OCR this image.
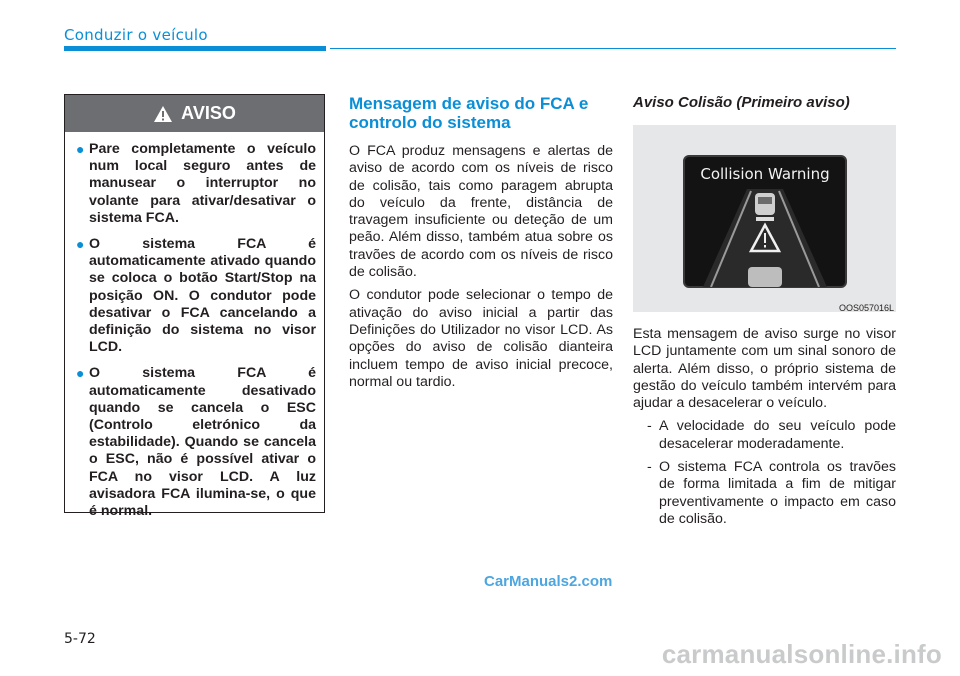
Conduzir o veículo
AVISO
● Pare completamente o veículo num local seguro antes de manusear o interruptor no volante para ativar/desativar o sistema FCA.
● O sistema FCA é automaticamente ativado quando se coloca o botão Start/Stop na posição ON. O condutor pode desativar o FCA cancelando a definição do sistema no visor LCD.
● O sistema FCA é automaticamente desativado quando se cancela o ESC (Controlo eletrónico da estabilidade). Quando se cancela o ESC, não é possível ativar o FCA no visor LCD. A luz avisadora FCA ilumina-se, o que é normal.
Mensagem de aviso do FCA e controlo do sistema

O FCA produz mensagens e alertas de aviso de acordo com os níveis de risco de colisão, tais como paragem abrupta do veículo da frente, distância de travagem insuficiente ou deteção de um peão. Além disso, também atua sobre os travões de acordo com os níveis de risco de colisão.

O condutor pode selecionar o tempo de ativação do aviso inicial a partir das Definições do Utilizador no visor LCD. As opções do aviso de colisão dianteira incluem tempo de aviso inicial precoce, normal ou tardio.

Aviso Colisão (Primeiro aviso)
Collision Warning
OOS057016L

Esta mensagem de aviso surge no visor LCD juntamente com um sinal sonoro de alerta. Além disso, o próprio sistema de gestão do veículo também intervém para ajudar a desacelerar o veículo.

- A velocidade do seu veículo pode desacelerar moderadamente.
- O sistema FCA controla os travões de forma limitada a fim de mitigar preventivamente o impacto em caso de colisão.
CarManuals2.com
5-72	carmanualsonline.info
